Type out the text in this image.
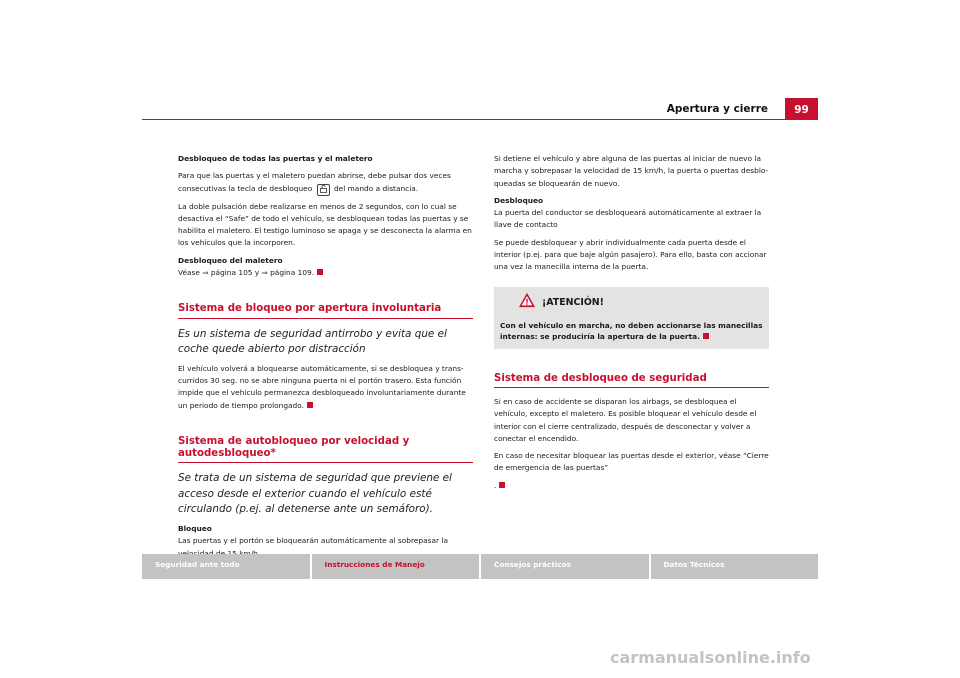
Apertura y cierre	99

Desbloqueo de todas las puertas y el maletero

Para que las puertas y el maletero puedan abrirse, debe pulsar dos veces consecutivas la tecla de desbloqueo	del mando a distancia.

La doble pulsación debe realizarse en menos de 2 segundos, con lo cual se desactiva el “Safe” de todo el vehículo, se desbloquean todas las puertas y se habilita el maletero. El testigo luminoso se apaga y se desconecta la alarma en los vehículos que la incorporen.

Desbloqueo del maletero

Véase ⇒ página 105 y ⇒ página 109.

Sistema de bloqueo por apertura involuntaria

Es un sistema de seguridad antirrobo y evita que el coche quede abierto por distracción

El vehículo volverá a bloquearse automáticamente, si se desbloquea y trans-curridos 30 seg. no se abre ninguna puerta ni el portón trasero. Esta función impide que el vehículo permanezca desbloqueado involuntariamente durante un periodo de tiempo prolongado.

Sistema de autobloqueo por velocidad y autodesbloqueo*

Se trata de un sistema de seguridad que previene el acceso desde el exterior cuando el vehículo esté circulando (p.ej. al detenerse ante un semáforo).

Bloqueo

Las puertas y el portón se bloquearán automáticamente al sobrepasar la

Si detiene el vehículo y abre alguna de las puertas al iniciar de nuevo la marcha y sobrepasar la velocidad de 15 km/h, la puerta o puertas desblo-queadas se bloquearán de nuevo.

Desbloqueo

La puerta del conductor se desbloqueará automáticamente al extraer la llave de contacto

Se puede desbloquear y abrir individualmente cada puerta desde el interior (p.ej. para que baje algún pasajero). Para ello, basta con accionar una vez la manecilla interna de la puerta.

¡ATENCIÓN!
Con el vehículo en marcha, no deben accionarse las manecillas internas: se produciría la apertura de la puerta.
Sistema de desbloqueo de seguridad

Si en caso de accidente se disparan los airbags, se desbloquea el vehículo, excepto el maletero. Es posible bloquear el vehículo desde el interior con el cierre centralizado, después de desconectar y volver a conectar el encendido.

En caso de necesitar bloquear las puertas desde el exterior, véase “Cierre de emergencia de las puertas”

.

Seguridad ante todo	Instrucciones de Manejo	Consejos prácticos	Datos Técnicos
carmanualsonline.info
